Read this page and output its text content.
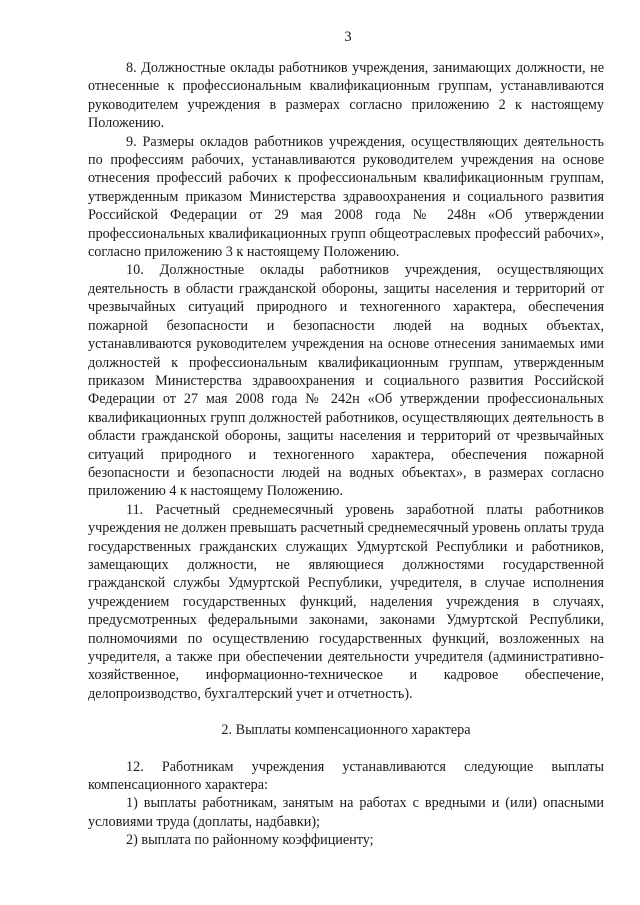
3

8. Должностные оклады работников учреждения, занимающих должности, не отнесенные к профессиональным квалификационным группам, устанавливаются руководителем учреждения в размерах согласно приложению 2 к настоящему Положению.

9. Размеры окладов работников учреждения, осуществляющих деятельность по профессиям рабочих, устанавливаются руководителем учреждения на основе отнесения профессий рабочих к профессиональным квалификационным группам, утвержденным приказом Министерства здравоохранения и социального развития Российской Федерации от 29 мая 2008 года № 248н «Об утверждении профессиональных квалификационных групп общеотраслевых профессий рабочих», согласно приложению 3 к настоящему Положению.

10. Должностные оклады работников учреждения, осуществляющих деятельность в области гражданской обороны, защиты населения и территорий от чрезвычайных ситуаций природного и техногенного характера, обеспечения пожарной безопасности и безопасности людей на водных объектах, устанавливаются руководителем учреждения на основе отнесения занимаемых ими должностей к профессиональным квалификационным группам, утвержденным приказом Министерства здравоохранения и социального развития Российской Федерации от 27 мая 2008 года № 242н «Об утверждении профессиональных квалификационных групп должностей работников, осуществляющих деятельность в области гражданской обороны, защиты населения и территорий от чрезвычайных ситуаций природного и техногенного характера, обеспечения пожарной безопасности и безопасности людей на водных объектах», в размерах согласно приложению 4 к настоящему Положению.

11. Расчетный среднемесячный уровень заработной платы работников учреждения не должен превышать расчетный среднемесячный уровень оплаты труда государственных гражданских служащих Удмуртской Республики и работников, замещающих должности, не являющиеся должностями государственной гражданской службы Удмуртской Республики, учредителя, в случае исполнения учреждением государственных функций, наделения учреждения в случаях, предусмотренных федеральными законами, законами Удмуртской Республики, полномочиями по осуществлению государственных функций, возложенных на учредителя, а также при обеспечении деятельности учредителя (административно-хозяйственное, информационно-техническое и кадровое обеспечение, делопроизводство, бухгалтерский учет и отчетность).

2. Выплаты компенсационного характера

12. Работникам учреждения устанавливаются следующие выплаты компенсационного характера:

1) выплаты работникам, занятым на работах с вредными и (или) опасными условиями труда (доплаты, надбавки);

2) выплата по районному коэффициенту;
